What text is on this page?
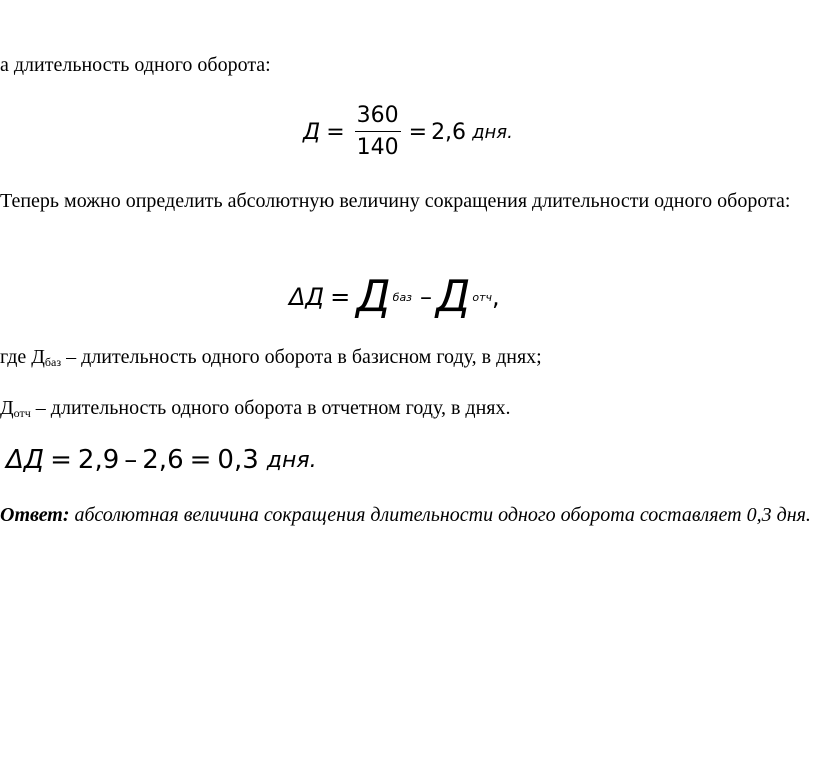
а длительность одного оборота:

$Д = \frac{360}{140} = 2,6$ дня.

Теперь можно определить абсолютную величину сокращения длительности одного оборота:

ΔД = Д баз – Д отч ,

где $Д_{баз}$ – длительность одного оборота в базисном году, в днях;

$Д_{отч}$ – длительность одного оборота в отчетном году, в днях.

ΔД = 2,9 – 2,6 = 0,3 дня.

Ответ: абсолютная величина сокращения длительности одного оборота составляет 0,3 дня.
